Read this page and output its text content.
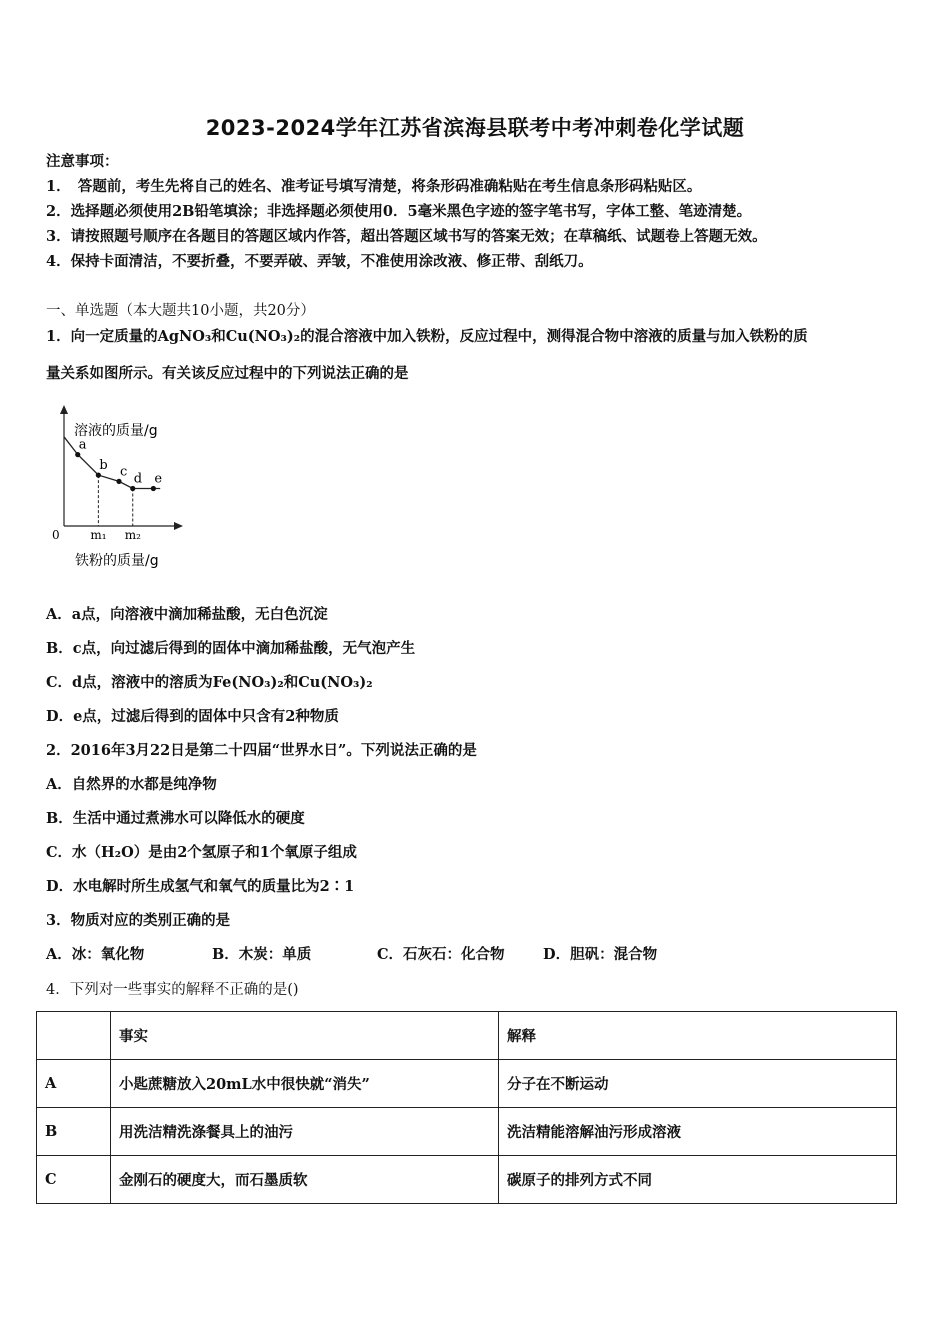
2023-2024学年江苏省滨海县联考中考冲刺卷化学试题
注意事项：
1．　答题前，考生先将自己的姓名、准考证号填写清楚，将条形码准确粘贴在考生信息条形码粘贴区。
2．选择题必须使用2B铅笔填涂；非选择题必须使用0．5毫米黑色字迹的签字笔书写，字体工整、笔迹清楚。
3．请按照题号顺序在各题目的答题区域内作答，超出答题区域书写的答案无效；在草稿纸、试题卷上答题无效。
4．保持卡面清洁，不要折叠，不要弄破、弄皱，不准使用涂改液、修正带、刮纸刀。
一、单选题（本大题共10小题，共20分）
1．向一定质量的AgNO₃和Cu(NO₃)₂的混合溶液中加入铁粉，反应过程中，测得混合物中溶液的质量与加入铁粉的质
量关系如图所示。有关该反应过程中的下列说法正确的是
溶液的质量/g
铁粉的质量/g
0	m₁ m₂
a
b c d e
A．a点，向溶液中滴加稀盐酸，无白色沉淀
B．c点，向过滤后得到的固体中滴加稀盐酸，无气泡产生
C．d点，溶液中的溶质为Fe(NO₃)₂和Cu(NO₃)₂
D．e点，过滤后得到的固体中只含有2种物质
2．2016年3月22日是第二十四届“世界水日”。下列说法正确的是
A．自然界的水都是纯净物
B．生活中通过煮沸水可以降低水的硬度
C．水（H₂O）是由2个氢原子和1个氧原子组成
D．水电解时所生成氢气和氧气的质量比为2∶1
3．物质对应的类别正确的是
A．冰：氧化物	B．木炭：单质	C．石灰石：化合物	D．胆矾：混合物
4．下列对一些事实的解释不正确的是()
	事实	解释
A	小匙蔗糖放入20mL水中很快就“消失”	分子在不断运动
B	用洗洁精洗涤餐具上的油污	洗洁精能溶解油污形成溶液
C	金刚石的硬度大，而石墨质软	碳原子的排列方式不同
